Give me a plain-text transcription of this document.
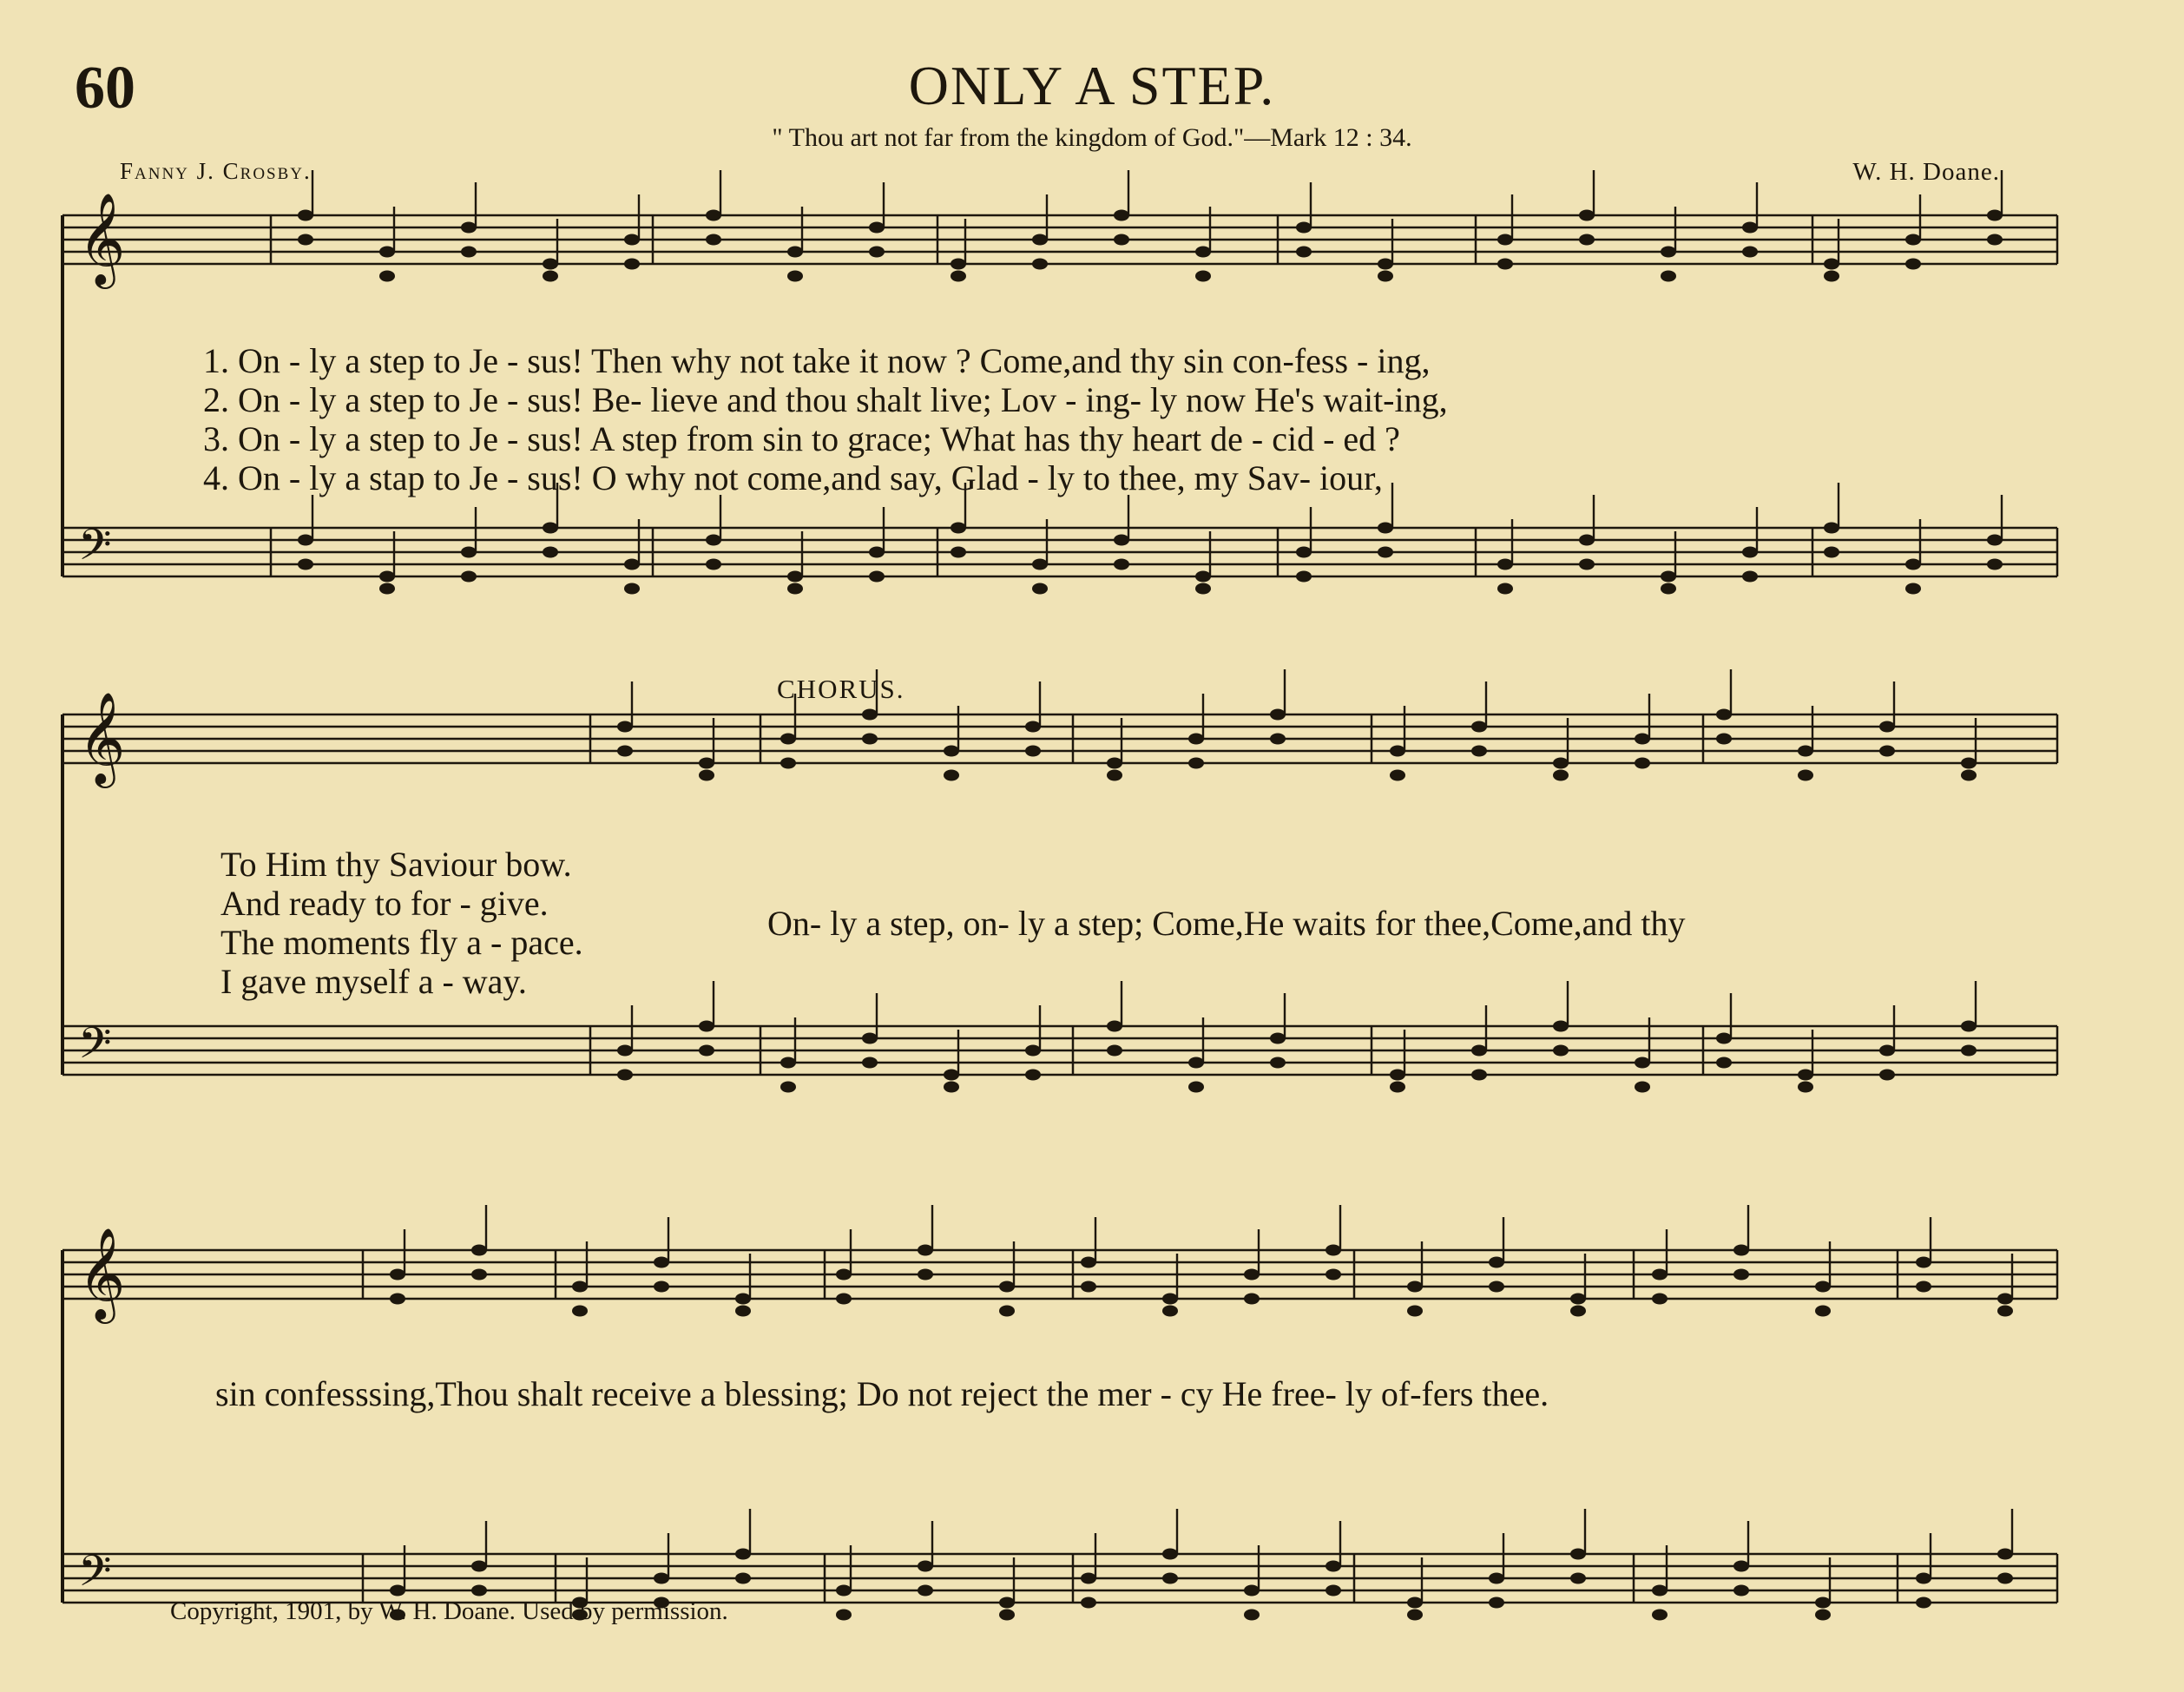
𝄞
𝄢
𝄞
𝄢
𝄞
𝄢
60	ONLY A STEP.
" Thou art not far from the kingdom of God."—Mark 12 : 34.
Fanny J. Crosby.	W. H. Doane.
1. On - ly a step to Je - sus! Then why not take it now ? Come,and thy sin con-fess - ing,
2. On - ly a step to Je - sus! Be- lieve and thou shalt live; Lov - ing- ly now He's wait-ing,
3. On - ly a step to Je - sus! A step from sin to grace; What has thy heart de - cid - ed ?
4. On - ly a stap to Je - sus! O why not come,and say, Glad - ly to thee, my Sav- iour,
CHORUS.
To Him thy Saviour bow.
And ready to for - give.
The moments fly a - pace.
I gave myself a - way.
On- ly a step, on- ly a step; Come,He waits for thee,Come,and thy
sin confesssing,Thou shalt receive a blessing; Do not reject the mer - cy He free- ly of-fers thee.
Copyright, 1901, by W. H. Doane. Used by permission.
